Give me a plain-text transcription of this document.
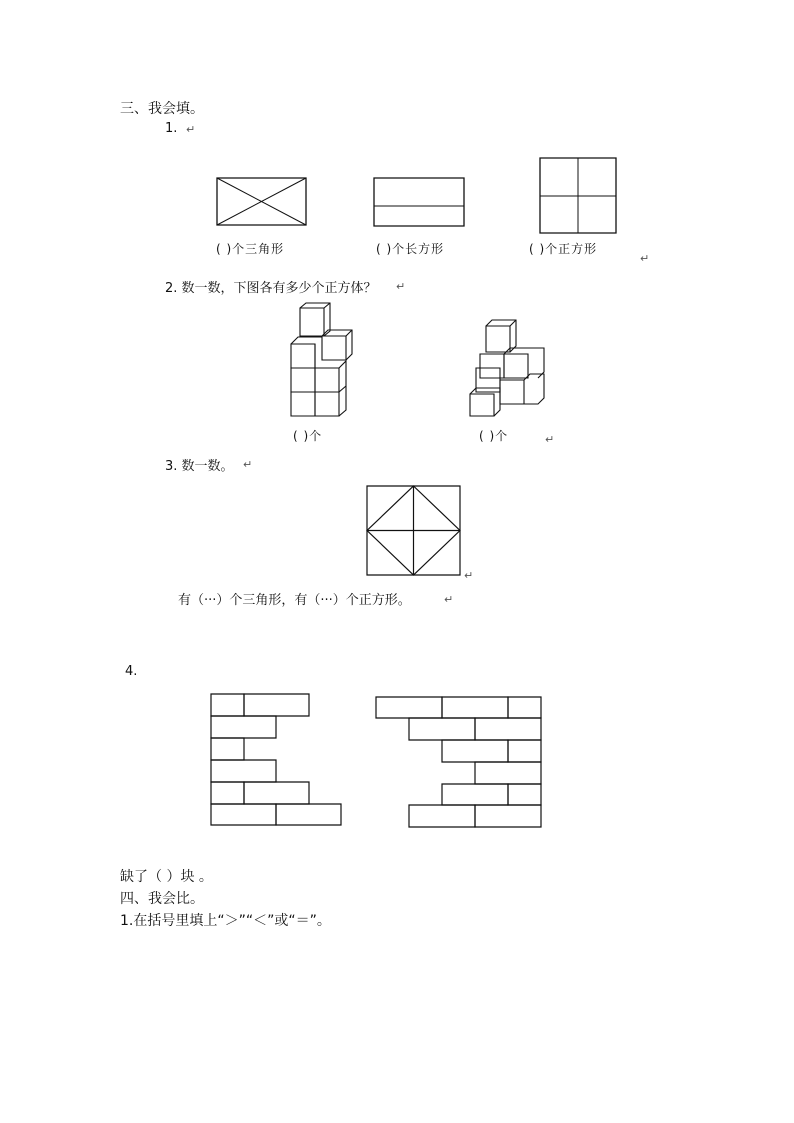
三、我会填。
1. ↵
( )个三角形	( )个长方形	( )个正方形
↵
2. 数一数，下图各有多少个正方体？ ↵
( )个	( )个	↵
3. 数一数。 ↵
↵
有（···）个三角形，有（···）个正方形。	↵
4.
缺了（ ）块 。
四、我会比。
1.在括号里填上“＞”“＜”或“＝”。
